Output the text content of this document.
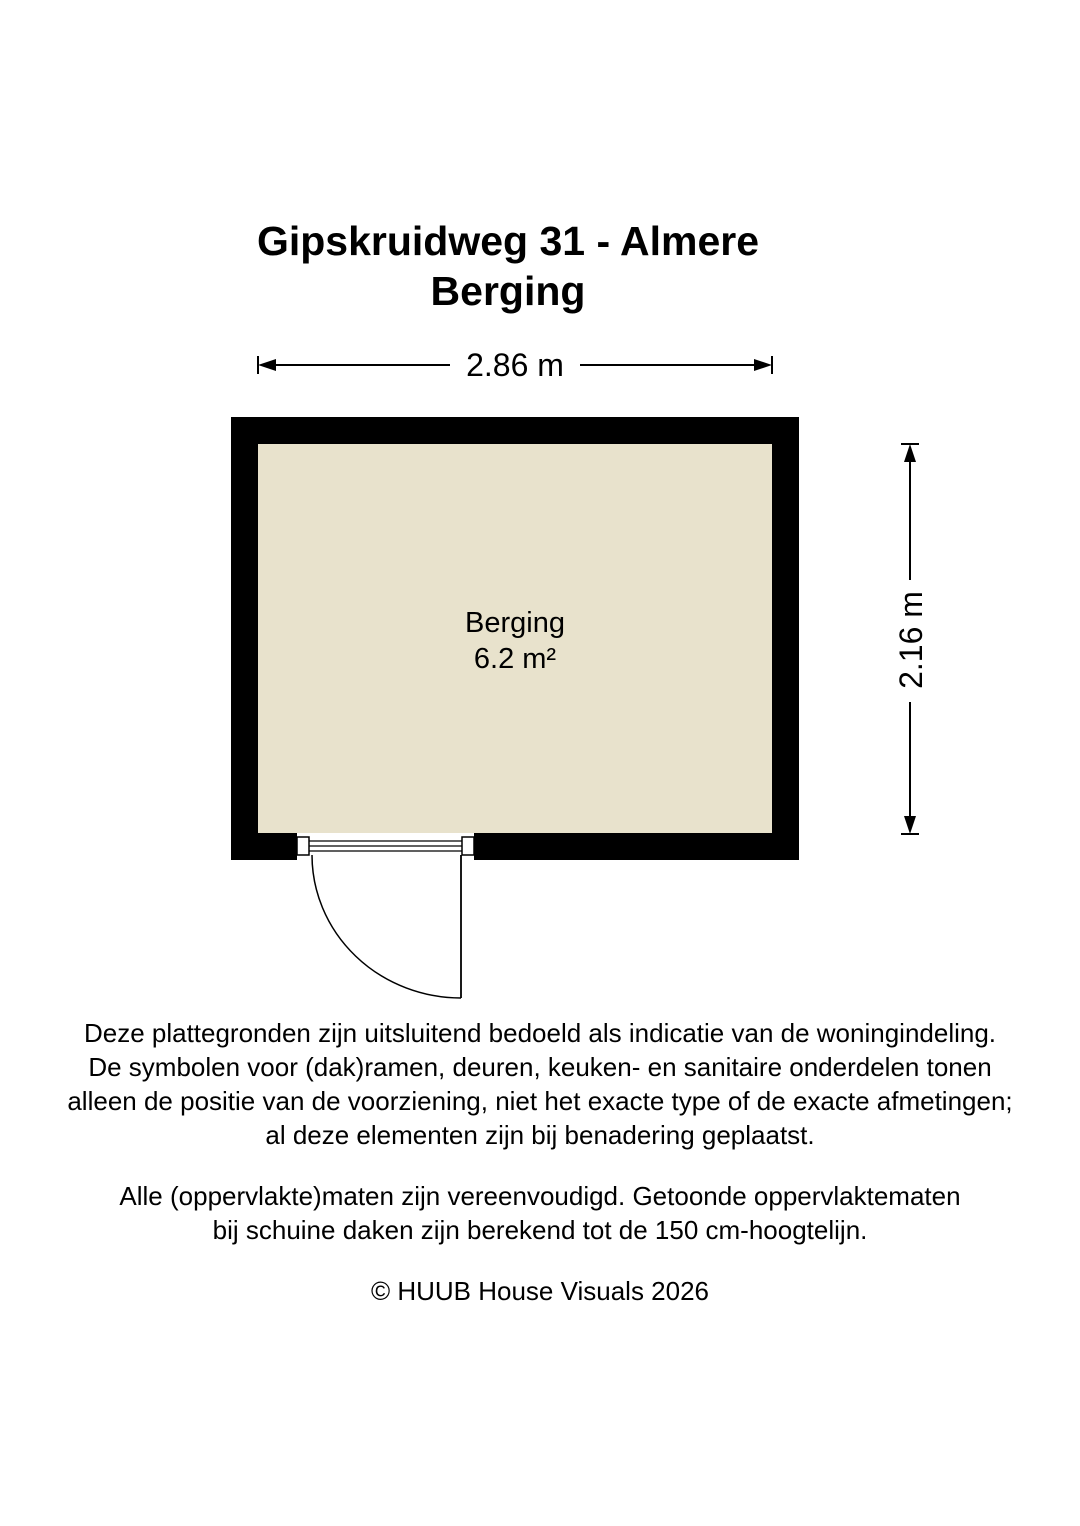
Gipskruidweg 31 - Almere
Berging
2.86 m
2.16 m
Berging
6.2 m²
Deze plattegronden zijn uitsluitend bedoeld als indicatie van de woningindeling.
De symbolen voor (dak)ramen, deuren, keuken- en sanitaire onderdelen tonen
alleen de positie van de voorziening, niet het exacte type of de exacte afmetingen;
al deze elementen zijn bij benadering geplaatst.
Alle (oppervlakte)maten zijn vereenvoudigd. Getoonde oppervlaktematen
bij schuine daken zijn berekend tot de 150 cm-hoogtelijn.
© HUUB House Visuals 2026
